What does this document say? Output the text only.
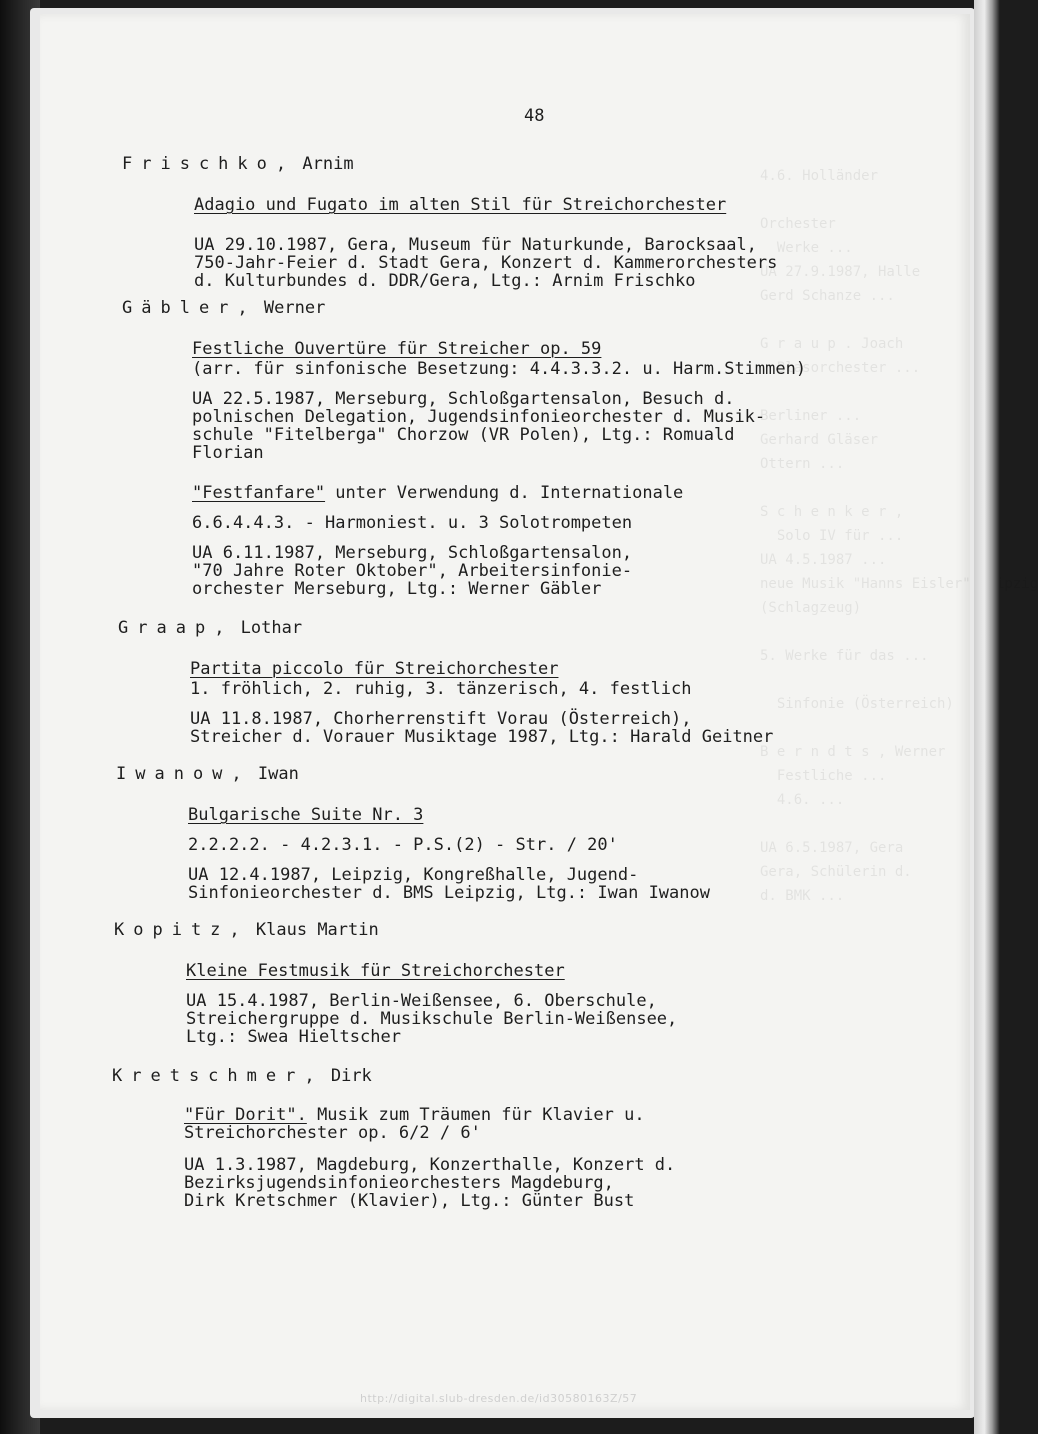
4.6. Holländer

Orchester
Werke ...
UA 27.9.1987, Halle
Gerd Schanze ...

G r a u p . Joach
Blasorchester ...

Berliner ...
Gerhard Gläser
Ottern ...

S c h e n k e r ,
Solo IV für ...
UA 4.5.1987 ...
neue Musik "Hanns Eisler" Leipzig
(Schlagzeug)

5. Werke für das ...

Sinfonie (Österreich)

B e r n d t s , Werner
Festliche ...
4.6. ...

UA 6.5.1987, Gera
Gera, Schülerin d.
d. BMK ...
48
Frischko, Arnim
Adagio und Fugato im alten Stil für Streichorchester
UA 29.10.1987, Gera, Museum für Naturkunde, Barocksaal,
750-Jahr-Feier d. Stadt Gera, Konzert d. Kammerorchesters
d. Kulturbundes d. DDR/Gera, Ltg.: Arnim Frischko
Gäbler, Werner
Festliche Ouvertüre für Streicher op. 59
(arr. für sinfonische Besetzung: 4.4.3.3.2. u. Harm.Stimmen)
UA 22.5.1987, Merseburg, Schloßgartensalon, Besuch d.
polnischen Delegation, Jugendsinfonieorchester d. Musik-
schule "Fitelberga" Chorzow (VR Polen), Ltg.: Romuald
Florian
"Festfanfare" unter Verwendung d. Internationale
6.6.4.4.3. - Harmoniest. u. 3 Solotrompeten
UA 6.11.1987, Merseburg, Schloßgartensalon,
"70 Jahre Roter Oktober", Arbeitersinfonie-
orchester Merseburg, Ltg.: Werner Gäbler
Graap, Lothar
Partita piccolo für Streichorchester
1. fröhlich, 2. ruhig, 3. tänzerisch, 4. festlich
UA 11.8.1987, Chorherrenstift Vorau (Österreich),
Streicher d. Vorauer Musiktage 1987, Ltg.: Harald Geitner
Iwanow, Iwan
Bulgarische Suite Nr. 3
2.2.2.2. - 4.2.3.1. - P.S.(2) - Str. / 20'
UA 12.4.1987, Leipzig, Kongreßhalle, Jugend-
Sinfonieorchester d. BMS Leipzig, Ltg.: Iwan Iwanow
Kopitz, Klaus Martin
Kleine Festmusik für Streichorchester
UA 15.4.1987, Berlin-Weißensee, 6. Oberschule,
Streichergruppe d. Musikschule Berlin-Weißensee,
Ltg.: Swea Hieltscher
Kretschmer, Dirk
"Für Dorit". Musik zum Träumen für Klavier u.
Streichorchester op. 6/2 / 6'
UA 1.3.1987, Magdeburg, Konzerthalle, Konzert d.
Bezirksjugendsinfonieorchesters Magdeburg,
Dirk Kretschmer (Klavier), Ltg.: Günter Bust
http://digital.slub-dresden.de/id30580163Z/57
